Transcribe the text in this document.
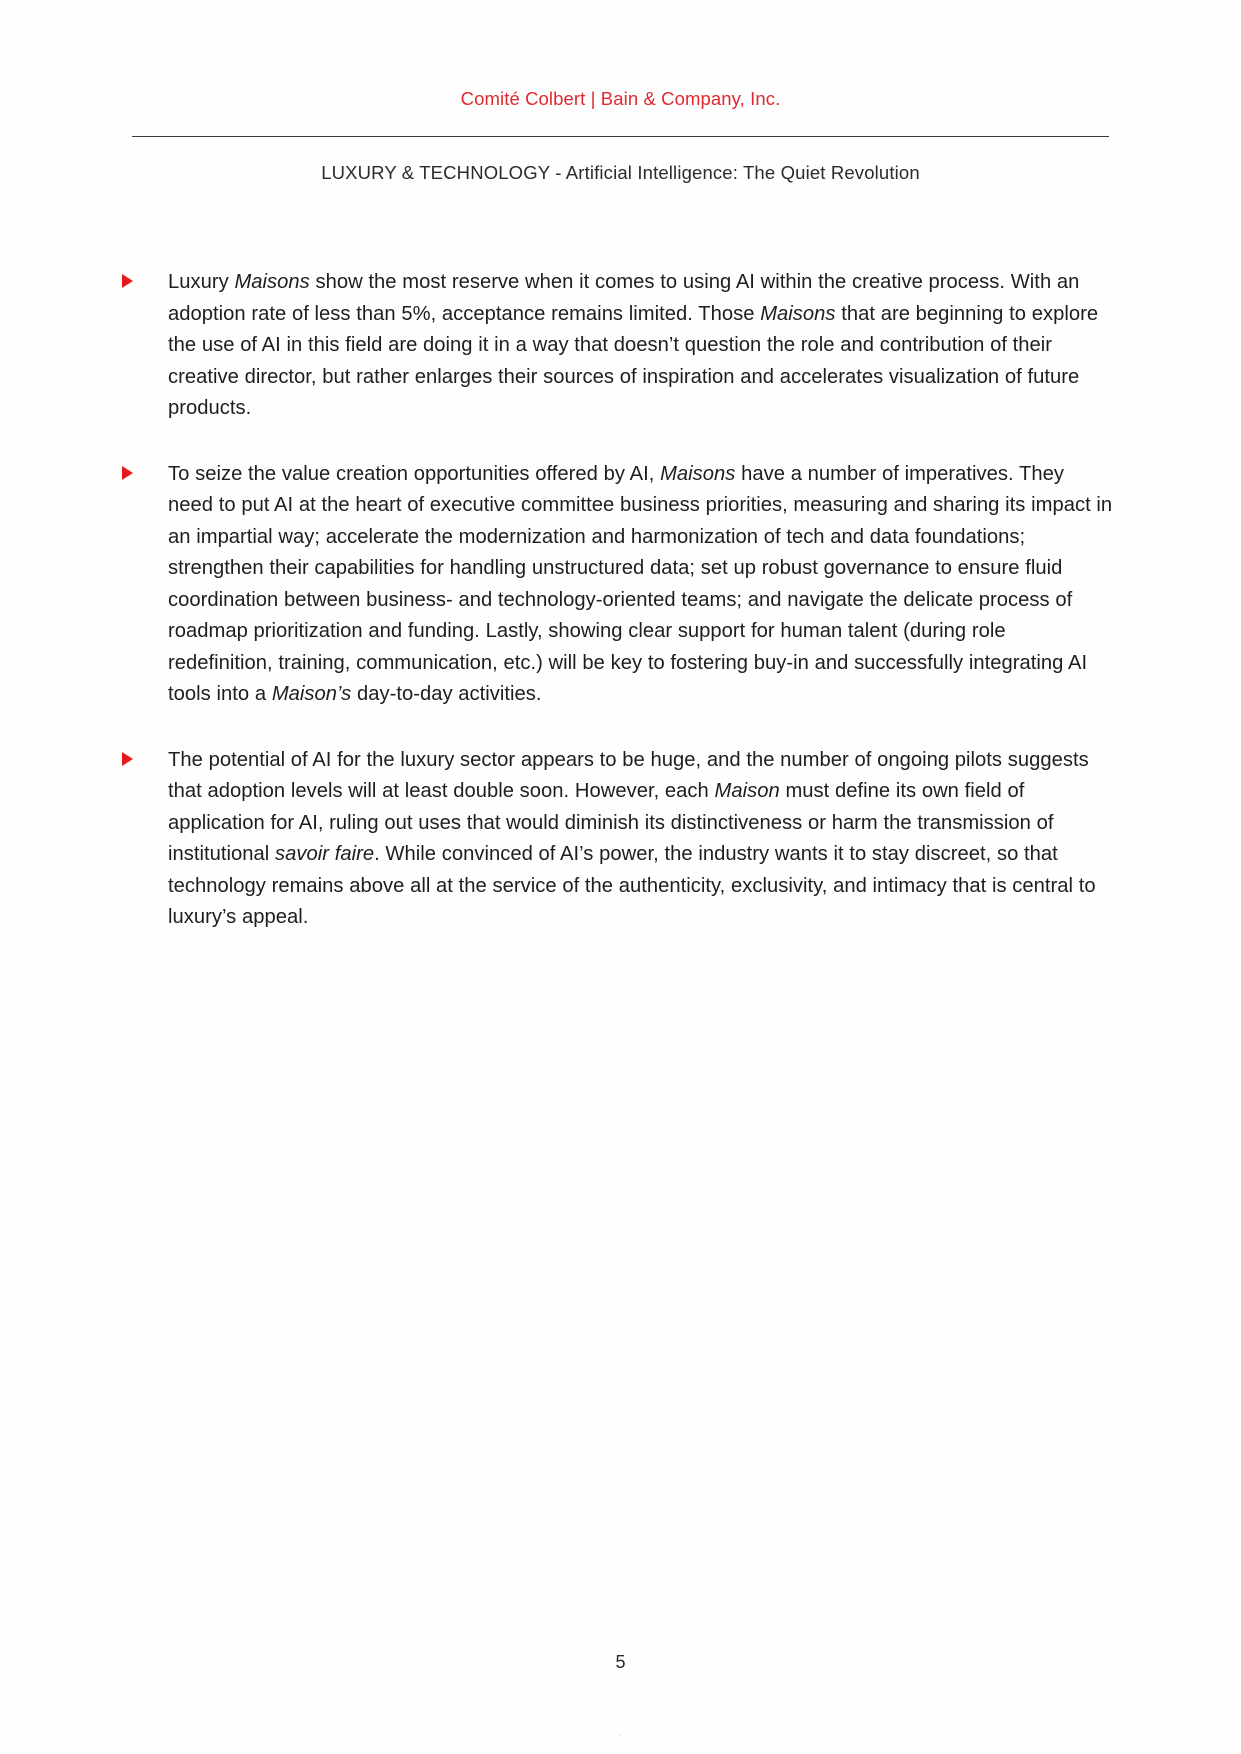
Comité Colbert | Bain & Company, Inc.
LUXURY & TECHNOLOGY - Artificial Intelligence: The Quiet Revolution

Luxury Maisons show the most reserve when it comes to using AI within the creative process. With an adoption rate of less than 5%, acceptance remains limited. Those Maisons that are beginning to explore the use of AI in this field are doing it in a way that doesn’t question the role and contribution of their creative director, but rather enlarges their sources of inspiration and accelerates visualization of future products.

To seize the value creation opportunities offered by AI, Maisons have a number of imperatives. They need to put AI at the heart of executive committee business priorities, measuring and sharing its impact in an impartial way; accelerate the modernization and harmonization of tech and data foundations; strengthen their capabilities for handling unstructured data; set up robust governance to ensure fluid coordination between business- and technology-oriented teams; and navigate the delicate process of roadmap prioritization and funding. Lastly, showing clear support for human talent (during role redefinition, training, communication, etc.) will be key to fostering buy-in and successfully integrating AI tools into a Maison’s day-to-day activities.

The potential of AI for the luxury sector appears to be huge, and the number of ongoing pilots suggests that adoption levels will at least double soon. However, each Maison must define its own field of application for AI, ruling out uses that would diminish its distinctiveness or harm the transmission of institutional savoir faire. While convinced of AI’s power, the industry wants it to stay discreet, so that technology remains above all at the service of the authenticity, exclusivity, and intimacy that is central to luxury’s appeal.

5
·
